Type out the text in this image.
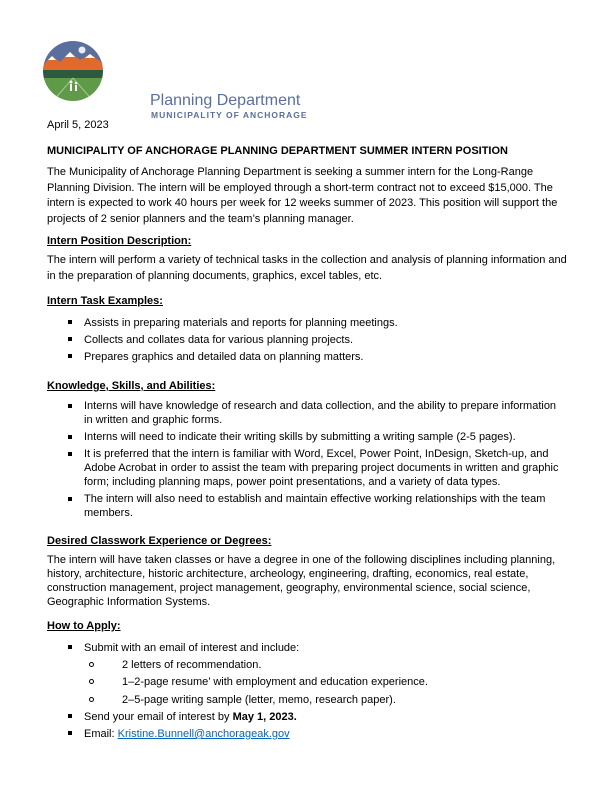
Planning Department
MUNICIPALITY OF ANCHORAGE
April 5, 2023
MUNICIPALITY OF ANCHORAGE PLANNING DEPARTMENT SUMMER INTERN POSITION
The Municipality of Anchorage Planning Department is seeking a summer intern for the Long-Range Planning Division. The intern will be employed through a short-term contract not to exceed $15,000. The intern is expected to work 40 hours per week for 12 weeks summer of 2023. This position will support the projects of 2 senior planners and the team’s planning manager.
Intern Position Description:
The intern will perform a variety of technical tasks in the collection and analysis of planning information and in the preparation of planning documents, graphics, excel tables, etc.
Intern Task Examples:
Assists in preparing materials and reports for planning meetings.
Collects and collates data for various planning projects.
Prepares graphics and detailed data on planning matters.
Knowledge, Skills, and Abilities:
Interns will have knowledge of research and data collection, and the ability to prepare information in written and graphic forms.
Interns will need to indicate their writing skills by submitting a writing sample (2-5 pages).
It is preferred that the intern is familiar with Word, Excel, Power Point, InDesign, Sketch-up, and Adobe Acrobat in order to assist the team with preparing project documents in written and graphic form; including planning maps, power point presentations, and a variety of data types.
The intern will also need to establish and maintain effective working relationships with the team members.
Desired Classwork Experience or Degrees:
The intern will have taken classes or have a degree in one of the following disciplines including planning, history, architecture, historic architecture, archeology, engineering, drafting, economics, real estate, construction management, project management, geography, environmental science, social science, Geographic Information Systems.
How to Apply:
Submit with an email of interest and include:
2 letters of recommendation.
1–2-page resume’ with employment and education experience.
2–5-page writing sample (letter, memo, research paper).
Send your email of interest by May 1, 2023.
Email: Kristine.Bunnell@anchorageak.gov
